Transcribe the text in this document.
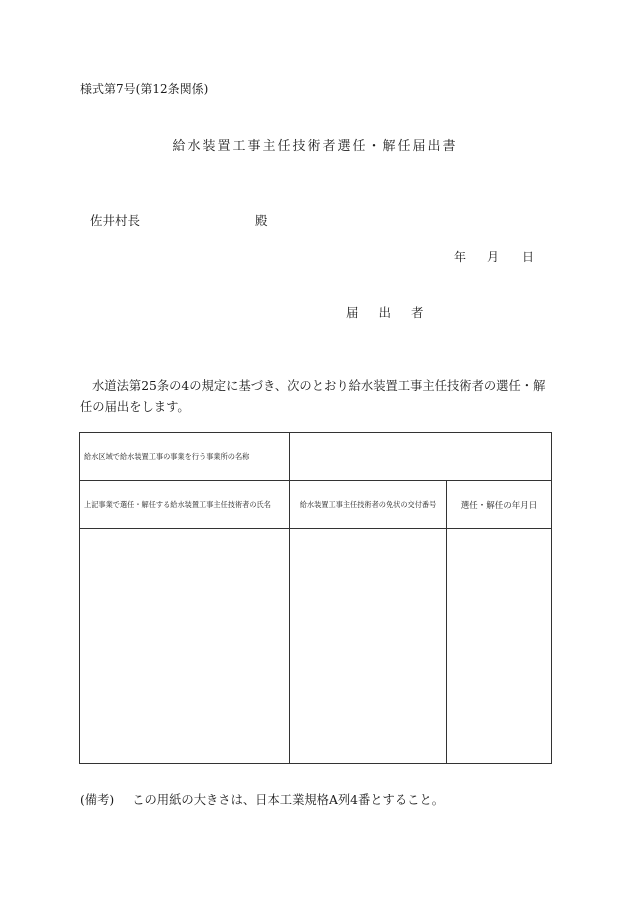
様式第7号(第12条関係)
給水装置工事主任技術者選任・解任届出書
佐井村長	殿
年 月 日
届 出 者
水道法第25条の4の規定に基づき、次のとおり給水装置工事主任技術者の選任・解任の届出をします。
給水区域で給水装置工事の事業を行う事業所の名称		
上記事業で選任・解任する給水装置工事主任技術者の氏名	給水装置工事主任技術者の免状の交付番号	選任・解任の年月日

(備考) この用紙の大きさは、日本工業規格A列4番とすること。
